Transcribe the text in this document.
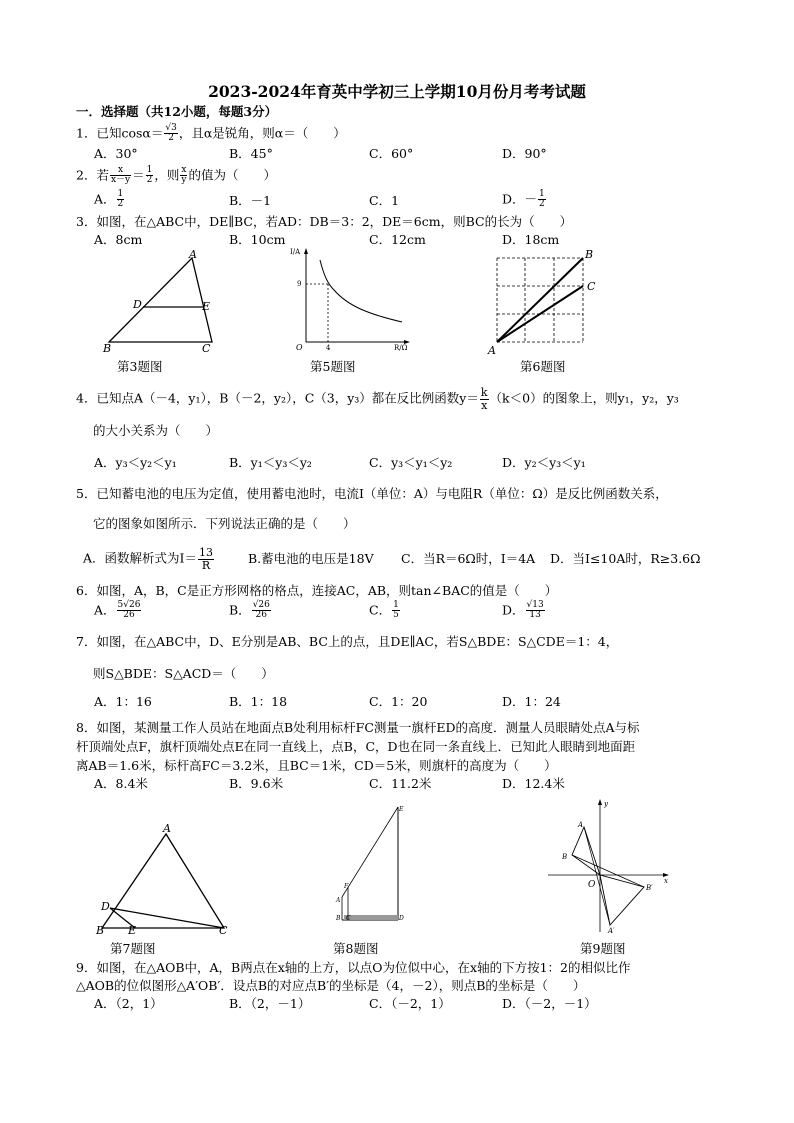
2023-2024年育英中学初三上学期10月份月考考试题
一．选择题（共12小题，每题3分）
1．已知$\cos\alpha= \frac{√3}{2}$ ，且α是锐角，则α＝（　　）
A．30°	B．45°	C．60°	D．90°
2．若 $\frac{x}{x-y} = \frac{1}{2}$ ，则 $\frac{x}{y}$ 的值为（　　）
A． $\frac{1}{2}$	B．－1	C．1	D．－ $\frac{1}{2}$
3．如图，在△ABC中，DE∥BC，若AD：DB＝3：2，DE＝6cm，则BC的长为（　　）
A．8cm	B．10cm	C．12cm	D．18cm
A
D	E
B	C
第3题图
I/A
R/Ω
O
9
4
第5题图
A
B
C
第6题图
4．已知点A（－4，y₁），B（－2，y₂），C（3，y₃）都在反比例函数$y= \frac{k}{x} (k<0)$的图象上，则y₁，y₂，y₃
的大小关系为（　　）
A．y₃＜y₂＜y₁	B．y₁＜y₃＜y₂	C．y₃＜y₁＜y₂	D．y₂＜y₃＜y₁
5．已知蓄电池的电压为定值，使用蓄电池时，电流I（单位：A）与电阻R（单位：Ω）是反比例函数关系，
它的图象如图所示．下列说法正确的是（　　）
A．函数解析式为$I= \frac{13}{R}$	B.蓄电池的电压是18V C．当R＝6Ω时，I＝4A D．当I≤10A时，R≥3.6Ω
6．如图，A，B，C是正方形网格的格点，连接AC，AB，则tan∠BAC的值是（　　）
A． $\frac{5√26}{26}$	B． $\frac{√26}{26}$	C． $\frac{1}{5}$	D． $\frac{√13}{13}$
7．如图，在△ABC中，D、E分别是AB、BC上的点，且DE∥AC，若S△BDE：S△CDE＝1：4，
则S△BDE：S△ACD＝（　　）
A．1：16	B．1：18	C．1：20	D．1：24
8．如图，某测量工作人员站在地面点B处利用标杆FC测量一旗杆ED的高度．测量人员眼睛处点A与标
杆顶端处点F，旗杆顶端处点E在同一直线上，点B，C，D也在同一条直线上．已知此人眼睛到地面距
离AB＝1.6米，标杆高FC＝3.2米，且BC＝1米，CD＝5米，则旗杆的高度为（　　）
A．8.4米	B．9.6米	C．11.2米	D．12.4米
A
D
B E	C
第7题图
E
F
A
B C	D
第8题图
y
x
O
A
B
B′
A′
第9题图
9．如图，在△AOB中，A，B两点在x轴的上方，以点O为位似中心，在x轴的下方按1：2的相似比作
△AOB的位似图形△A′OB′．设点B的对应点B′的坐标是（4，－2），则点B的坐标是（　　）
A．（2，1）	B．（2，－1）	C．（－2，1）	D．（－2，－1）
